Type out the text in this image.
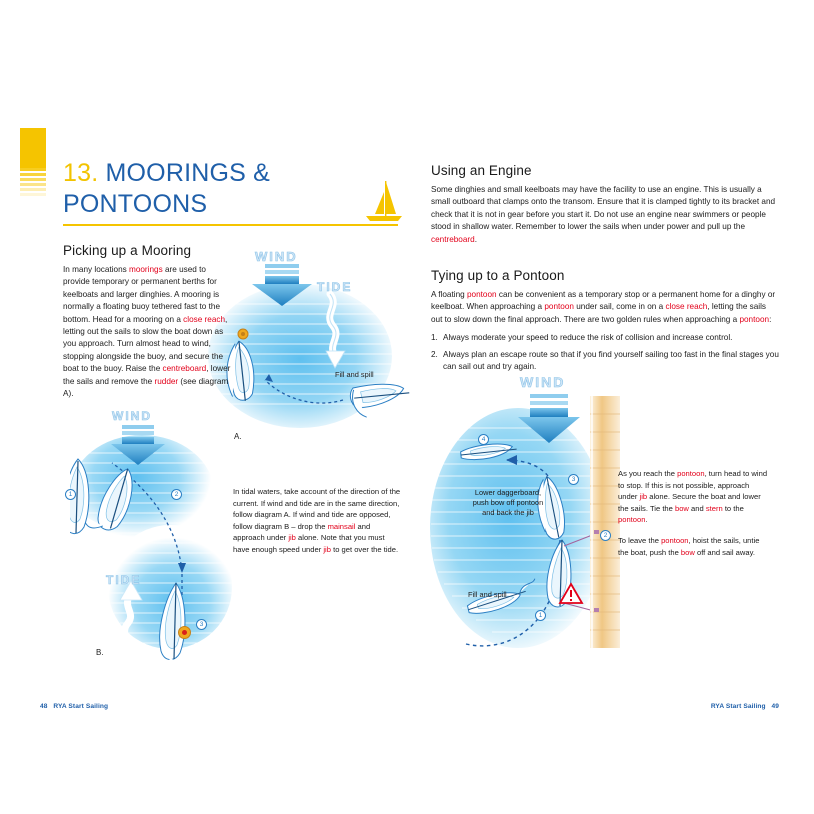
13. MOORINGS &
PONTOONS
WIND
TIDE
Fill and spill
A.
WIND
TIDE
1	2
3
B.
Picking up a Mooring

In many locations moorings are used to provide temporary or permanent berths for keelboats and larger dinghies. A mooring is normally a floating buoy tethered fast to the bottom. Head for a mooring on a close reach, letting out the sails to slow the boat down as you approach. Turn almost head to wind, stopping alongside the buoy, and secure the boat to the buoy. Raise the centreboard, lower the sails and remove the rudder (see diagram A).

In tidal waters, take account of the direction of the current. If wind and tide are in the same direction, follow diagram A. If wind and tide are opposed, follow diagram B – drop the mainsail and approach under jib alone. Note that you must have enough speed under jib to get over the tide.

Using an Engine

Some dinghies and small keelboats may have the facility to use an engine. This is usually a small outboard that clamps onto the transom. Ensure that it is clamped tightly to its bracket and check that it is not in gear before you start it. Do not use an engine near swimmers or people stood in shallow water. Remember to lower the sails when under power and pull up the centreboard.

Tying up to a Pontoon

A floating pontoon can be convenient as a temporary stop or a permanent home for a dinghy or keelboat. When approaching a pontoon under sail, come in on a close reach, letting the sails out to slow down the final approach. There are two golden rules when approaching a pontoon:

1. Always moderate your speed to reduce the risk of collision and increase control.
2. Always plan an escape route so that if you find yourself sailing too fast in the final stages you can sail out and try again.
WIND
4
3
2
1
Lower daggerboard,
push bow off pontoon
and back the jib
Fill and spill

As you reach the pontoon, turn head to wind to stop. If this is not possible, approach under jib alone. Secure the boat and lower the sails. Tie the bow and stern to the pontoon.

To leave the pontoon, hoist the sails, untie the boat, push the bow off and sail away.

48 RYA Start Sailing	RYA Start Sailing 49
